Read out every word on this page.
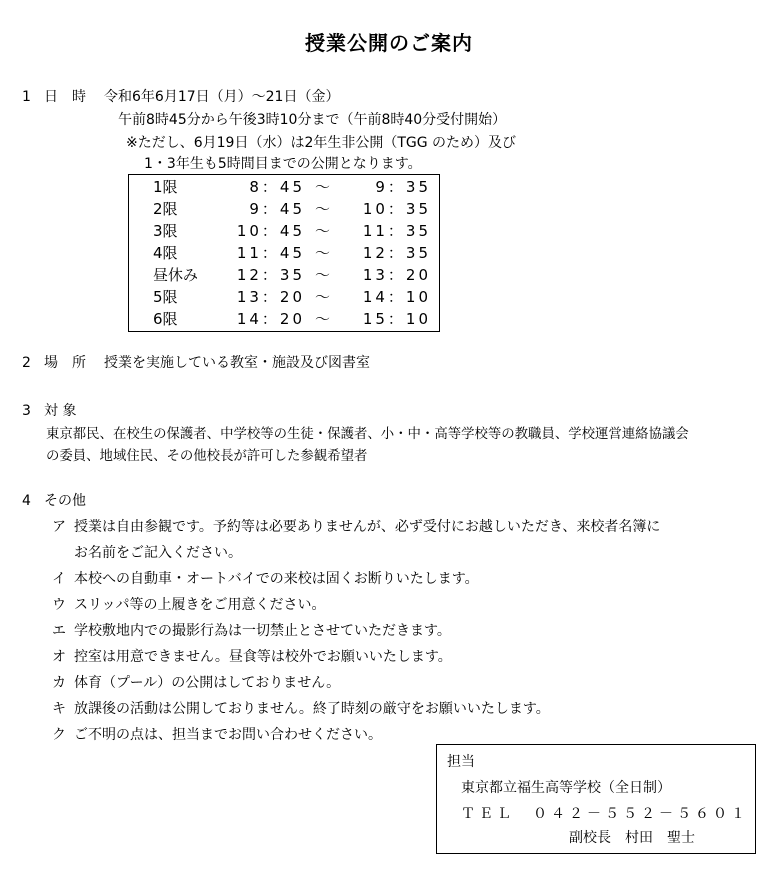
授業公開のご案内
1 日　時 令和6年6月17日（月）～21日（金）
午前8時45分から午後3時10分まで（午前8時40分受付開始）
※ただし、6月19日（水）は2年生非公開（TGG のため）及び
1・3年生も5時間目までの公開となります。
1限	8：45 ～	9：35
2限	9：45 ～	10：35
3限	10：45 ～	11：35
4限	11：45 ～	12：35
昼休み	12：35 ～	13：20
5限	13：20 ～	14：10
6限	14：20 ～	15：10
2 場　所 授業を実施している教室・施設及び図書室
3 対 象
東京都民、在校生の保護者、中学校等の生徒・保護者、小・中・高等学校等の教職員、学校運営連絡協議会
の委員、地域住民、その他校長が許可した参観希望者
4 その他
ア 授業は自由参観です。予約等は必要ありませんが、必ず受付にお越しいただき、来校者名簿に
お名前をご記入ください。
イ 本校への自動車・オートバイでの来校は固くお断りいたします。
ウ スリッパ等の上履きをご用意ください。
エ 学校敷地内での撮影行為は一切禁止とさせていただきます。
オ 控室は用意できません。昼食等は校外でお願いいたします。
カ 体育（プール）の公開はしておりません。
キ 放課後の活動は公開しておりません。終了時刻の厳守をお願いいたします。
ク ご不明の点は、担当までお問い合わせください。
担当
東京都立福生高等学校（全日制）
ＴＥＬ　０４２－５５２－５６０１
副校長　村田　聖士
